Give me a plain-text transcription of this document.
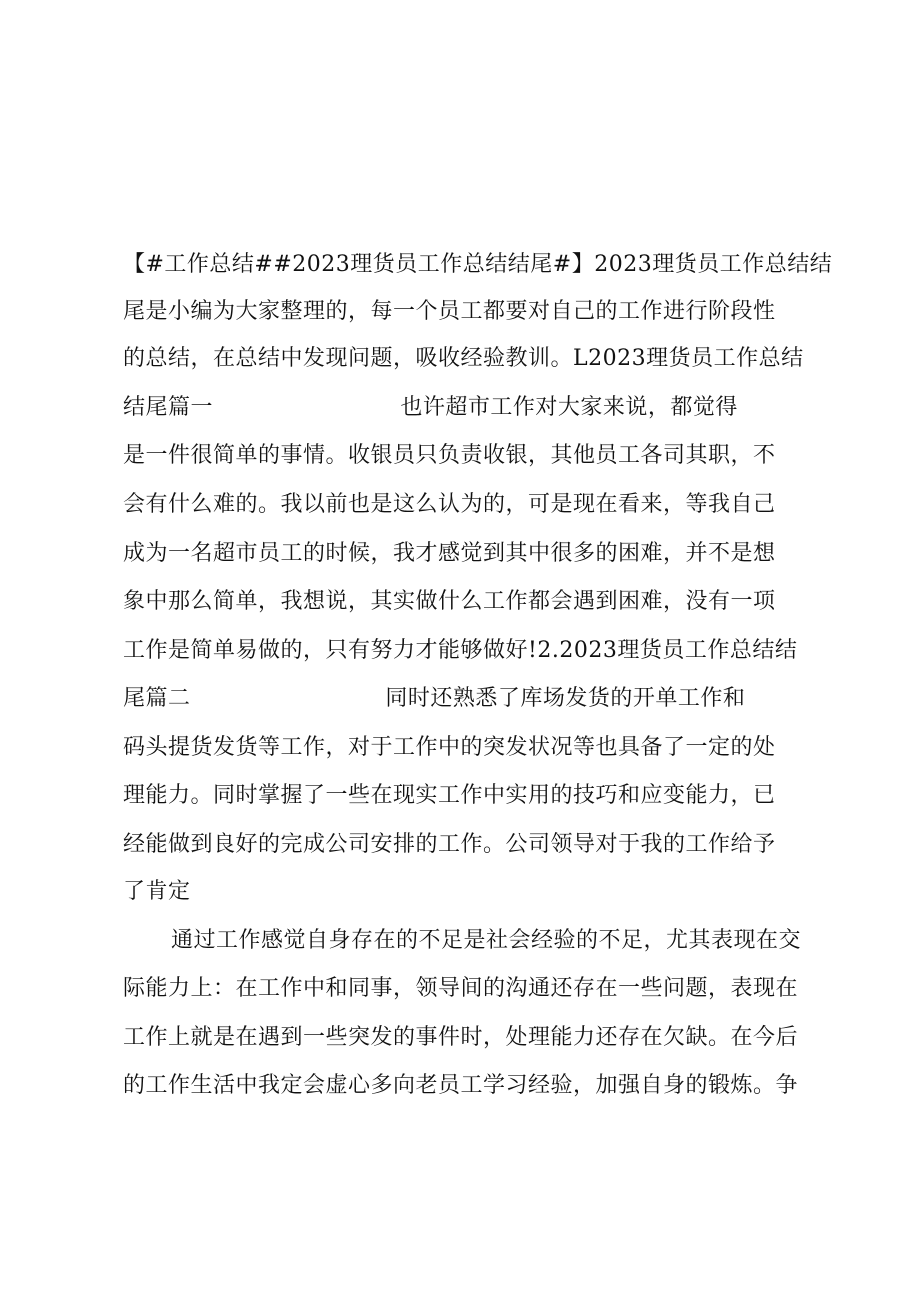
【#工作总结##2023理货员工作总结结尾#】2023理货员工作总结结
尾是小编为大家整理的，每一个员工都要对自己的工作进行阶段性
的总结，在总结中发现问题，吸收经验教训。L2023理货员工作总结
结尾篇一                         也许超市工作对大家来说，都觉得
是一件很简单的事情。收银员只负责收银，其他员工各司其职，不
会有什么难的。我以前也是这么认为的，可是现在看来，等我自己
成为一名超市员工的时候，我才感觉到其中很多的困难，并不是想
象中那么简单，我想说，其实做什么工作都会遇到困难，没有一项
工作是简单易做的，只有努力才能够做好!2.2023理货员工作总结结
尾篇二                          同时还熟悉了库场发货的开单工作和
码头提货发货等工作，对于工作中的突发状况等也具备了一定的处
理能力。同时掌握了一些在现实工作中实用的技巧和应变能力，已
经能做到良好的完成公司安排的工作。公司领导对于我的工作给予
了肯定
通过工作感觉自身存在的不足是社会经验的不足，尤其表现在交
际能力上：在工作中和同事，领导间的沟通还存在一些问题，表现在
工作上就是在遇到一些突发的事件时，处理能力还存在欠缺。在今后
的工作生活中我定会虚心多向老员工学习经验，加强自身的锻炼。争
